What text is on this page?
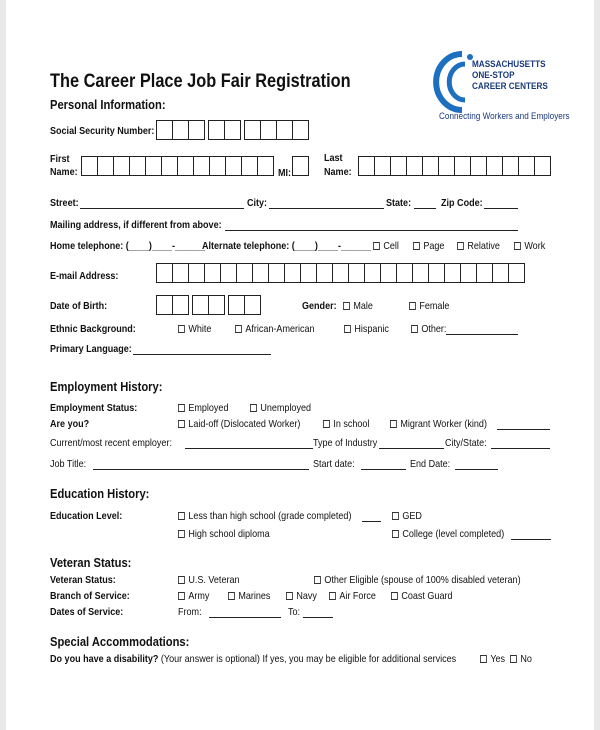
MASSACHUSETTS
ONE-STOP
CAREER CENTERS
Connecting Workers and Employers
The Career Place Job Fair Registration
Personal Information:
Social Security Number:
First
Name:	MI:
Last
Name:
Street:	City:	State:	Zip Code:
Mailing address, if different from above:
Home telephone: (____)____-______
Alternate telephone: (____)____-______	Cell	Page	Relative	Work
E-mail Address:
Date of Birth:	Gender:	Male	Female
Ethnic Background:	White	African-American	Hispanic	Other:
Primary Language:
Employment History:
Employment Status:	Employed	Unemployed
Are you?	Laid-off (Dislocated Worker)	In school	Migrant Worker (kind)
Current/most recent employer:	Type of Industry	City/State:
Job Title:	Start date:	End Date:
Education History:
Education Level:	Less than high school (grade completed)	GED
High school diploma	College (level completed)
Veteran Status:
Veteran Status:	U.S. Veteran	Other Eligible (spouse of 100% disabled veteran)
Branch of Service:	Army	Marines	Navy	Air Force	Coast Guard
Dates of Service:	From:	To:
Special Accommodations:
Do you have a disability? (Your answer is optional) If yes, you may be eligible for additional services	Yes	No
